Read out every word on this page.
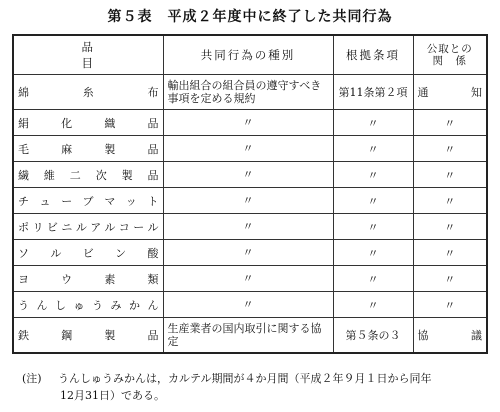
第５表　平成２年度中に終了した共同行為
品　目	共同行為の種別	根拠条項	公取との
関　係

綿糸布	輸出組合の組合員の遵守すべき事項を定める規約	第11条第２項	通知
絹化織品	〃	〃	〃
毛麻製品	〃	〃	〃
繊維二次製品	〃	〃	〃
チューブマット	〃	〃	〃
ポリビニルアルコール	〃	〃	〃
ソルビン酸	〃	〃	〃
ヨウ素類	〃	〃	〃
うんしゅうみかん	〃	〃	〃
鉄鋼製品	生産業者の国内取引に関する協定	第５条の３	協議
(注) うんしゅうみかんは，カルテル期間が４か月間（平成２年９月１日から同年
12月31日）である。
